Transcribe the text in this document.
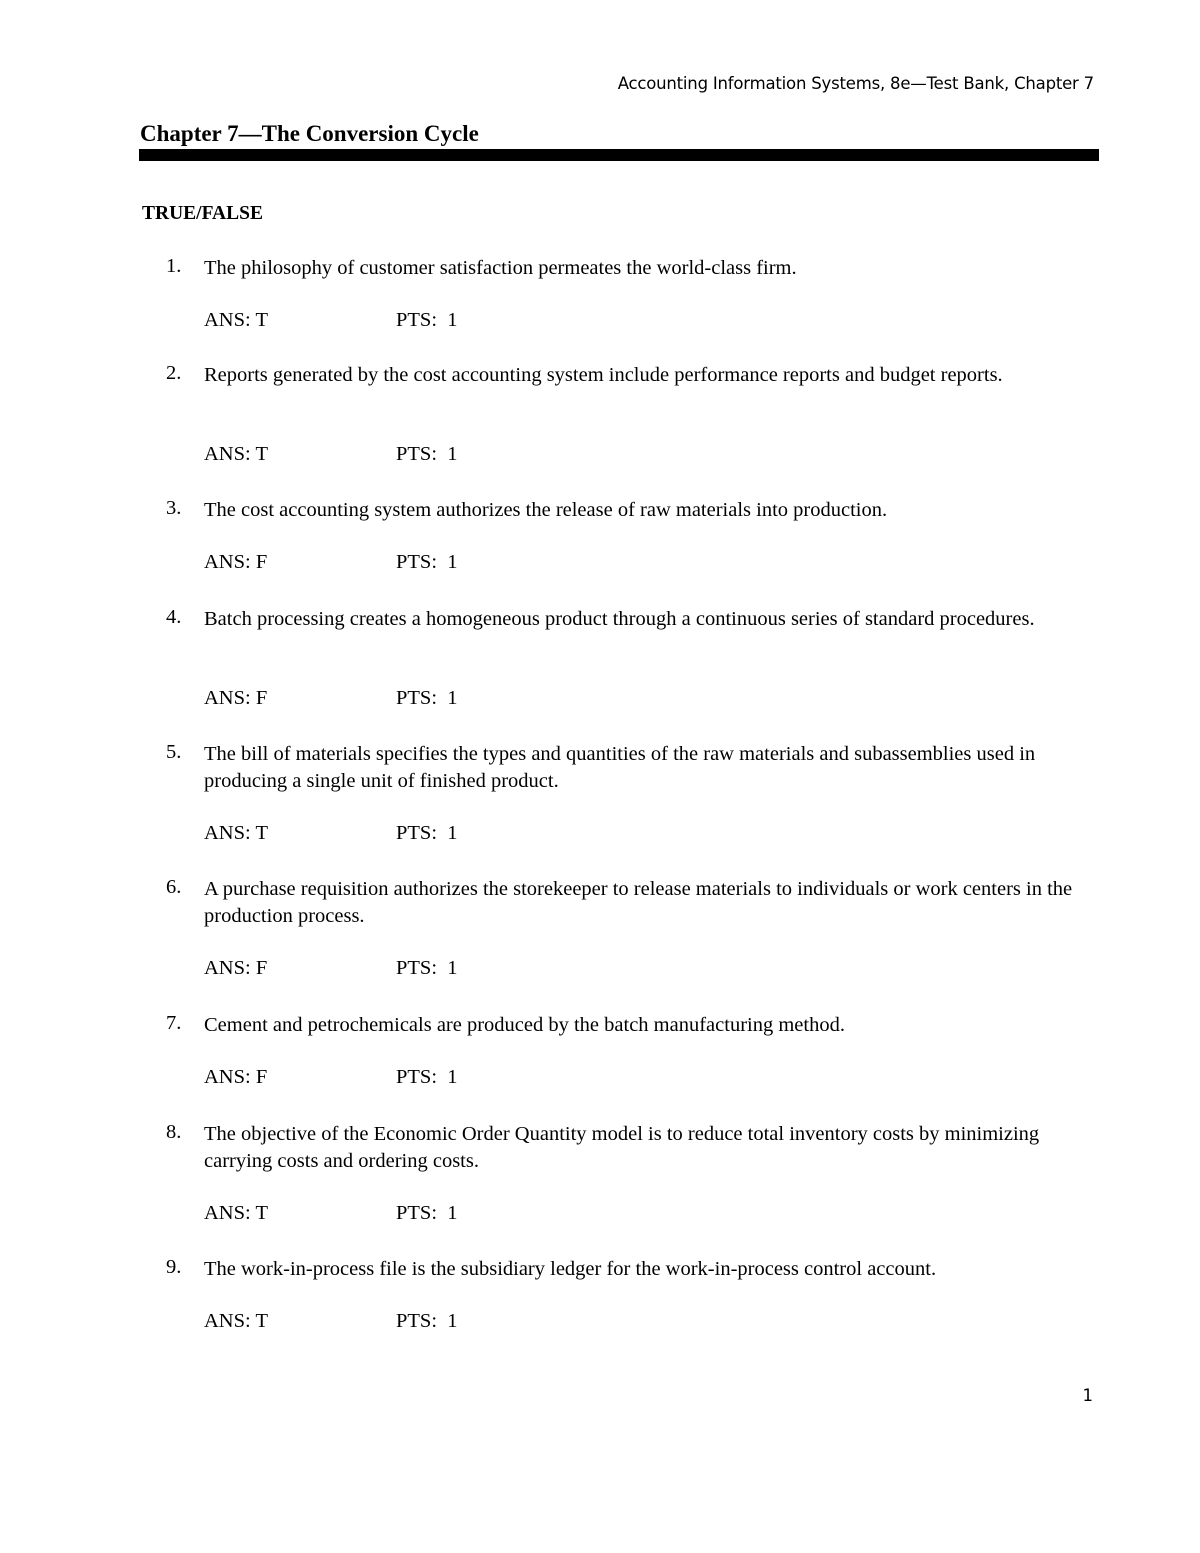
Accounting Information Systems, 8e—Test Bank, Chapter 7
Chapter 7—The Conversion Cycle
TRUE/FALSE
1. The philosophy of customer satisfaction permeates the world-class firm.
ANS: T	PTS:  1
2. Reports generated by the cost accounting system include performance reports and budget reports.
ANS: T	PTS:  1
3. The cost accounting system authorizes the release of raw materials into production.
ANS: F	PTS:  1
4. Batch processing creates a homogeneous product through a continuous series of standard procedures.
ANS: F	PTS:  1
5. The bill of materials specifies the types and quantities of the raw materials and subassemblies used in producing a single unit of finished product.
ANS: T	PTS:  1
6. A purchase requisition authorizes the storekeeper to release materials to individuals or work centers in the production process.
ANS: F	PTS:  1
7. Cement and petrochemicals are produced by the batch manufacturing method.
ANS: F	PTS:  1
8. The objective of the Economic Order Quantity model is to reduce total inventory costs by minimizing carrying costs and ordering costs.
ANS: T	PTS:  1
9. The work-in-process file is the subsidiary ledger for the work-in-process control account.
ANS: T	PTS:  1
1
